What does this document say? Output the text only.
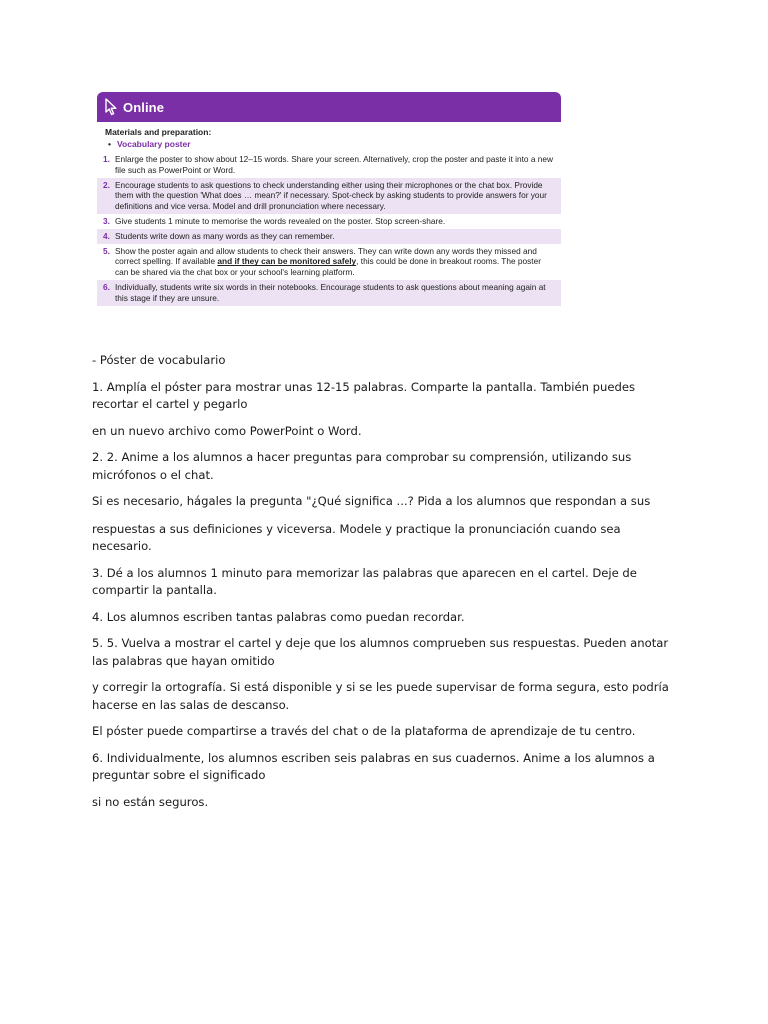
Online
Materials and preparation:
• Vocabulary poster
1. Enlarge the poster to show about 12–15 words. Share your screen. Alternatively, crop the poster and paste it into a new file such as PowerPoint or Word.
2. Encourage students to ask questions to check understanding either using their microphones or the chat box. Provide them with the question 'What does … mean?' if necessary. Spot-check by asking students to provide answers for your definitions and vice versa. Model and drill pronunciation where necessary.
3. Give students 1 minute to memorise the words revealed on the poster. Stop screen-share.
4. Students write down as many words as they can remember.
5. Show the poster again and allow students to check their answers. They can write down any words they missed and correct spelling. If available and if they can be monitored safely, this could be done in breakout rooms. The poster can be shared via the chat box or your school's learning platform.
6. Individually, students write six words in their notebooks. Encourage students to ask questions about meaning again at this stage if they are unsure.

- Póster de vocabulario

1. Amplía el póster para mostrar unas 12-15 palabras. Comparte la pantalla. También puedes recortar el cartel y pegarlo

en un nuevo archivo como PowerPoint o Word.

2. 2. Anime a los alumnos a hacer preguntas para comprobar su comprensión, utilizando sus micrófonos o el chat.

Si es necesario, hágales la pregunta "¿Qué significa ...? Pida a los alumnos que respondan a sus

respuestas a sus definiciones y viceversa. Modele y practique la pronunciación cuando sea necesario.

3. Dé a los alumnos 1 minuto para memorizar las palabras que aparecen en el cartel. Deje de compartir la pantalla.

4. Los alumnos escriben tantas palabras como puedan recordar.

5. 5. Vuelva a mostrar el cartel y deje que los alumnos comprueben sus respuestas. Pueden anotar las palabras que hayan omitido

y corregir la ortografía. Si está disponible y si se les puede supervisar de forma segura, esto podría hacerse en las salas de descanso.

El póster puede compartirse a través del chat o de la plataforma de aprendizaje de tu centro.

6. Individualmente, los alumnos escriben seis palabras en sus cuadernos. Anime a los alumnos a preguntar sobre el significado

si no están seguros.
